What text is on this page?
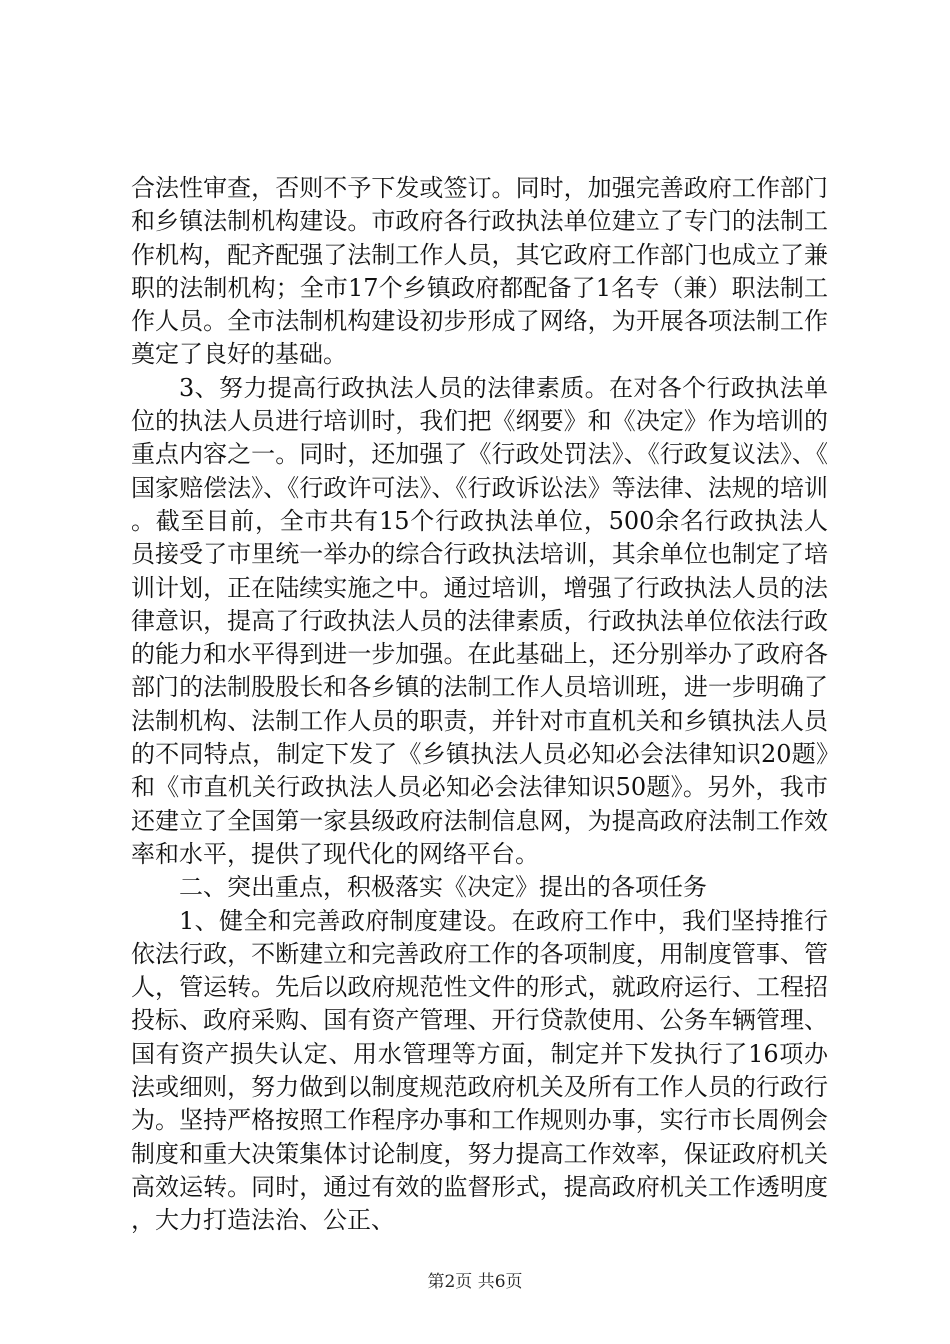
合法性审查，否则不予下发或签订。同时，加强完善政府工作部门和乡镇法制机构建设。市政府各行政执法单位建立了专门的法制工作机构，配齐配强了法制工作人员，其它政府工作部门也成立了兼职的法制机构；全市17个乡镇政府都配备了1名专（兼）职法制工作人员。全市法制机构建设初步形成了网络，为开展各项法制工作奠定了良好的基础。

3、努力提高行政执法人员的法律素质。在对各个行政执法单位的执法人员进行培训时，我们把《纲要》和《决定》作为培训的重点内容之一。同时，还加强了《行政处罚法》、《行政复议法》、《国家赔偿法》、《行政许可法》、《行政诉讼法》等法律、法规的培训。截至目前，全市共有15个行政执法单位，500余名行政执法人员接受了市里统一举办的综合行政执法培训，其余单位也制定了培训计划，正在陆续实施之中。通过培训，增强了行政执法人员的法律意识，提高了行政执法人员的法律素质，行政执法单位依法行政的能力和水平得到进一步加强。在此基础上，还分别举办了政府各部门的法制股股长和各乡镇的法制工作人员培训班，进一步明确了法制机构、法制工作人员的职责，并针对市直机关和乡镇执法人员的不同特点，制定下发了《乡镇执法人员必知必会法律知识20题》和《市直机关行政执法人员必知必会法律知识50题》。另外，我市还建立了全国第一家县级政府法制信息网，为提高政府法制工作效率和水平，提供了现代化的网络平台。

二、突出重点，积极落实《决定》提出的各项任务

1、健全和完善政府制度建设。在政府工作中，我们坚持推行依法行政，不断建立和完善政府工作的各项制度，用制度管事、管人，管运转。先后以政府规范性文件的形式，就政府运行、工程招投标、政府采购、国有资产管理、开行贷款使用、公务车辆管理、国有资产损失认定、用水管理等方面，制定并下发执行了16项办法或细则，努力做到以制度规范政府机关及所有工作人员的行政行为。坚持严格按照工作程序办事和工作规则办事，实行市长周例会制度和重大决策集体讨论制度，努力提高工作效率，保证政府机关高效运转。同时，通过有效的监督形式，提高政府机关工作透明度，大力打造法治、公正、

第2页 共6页
